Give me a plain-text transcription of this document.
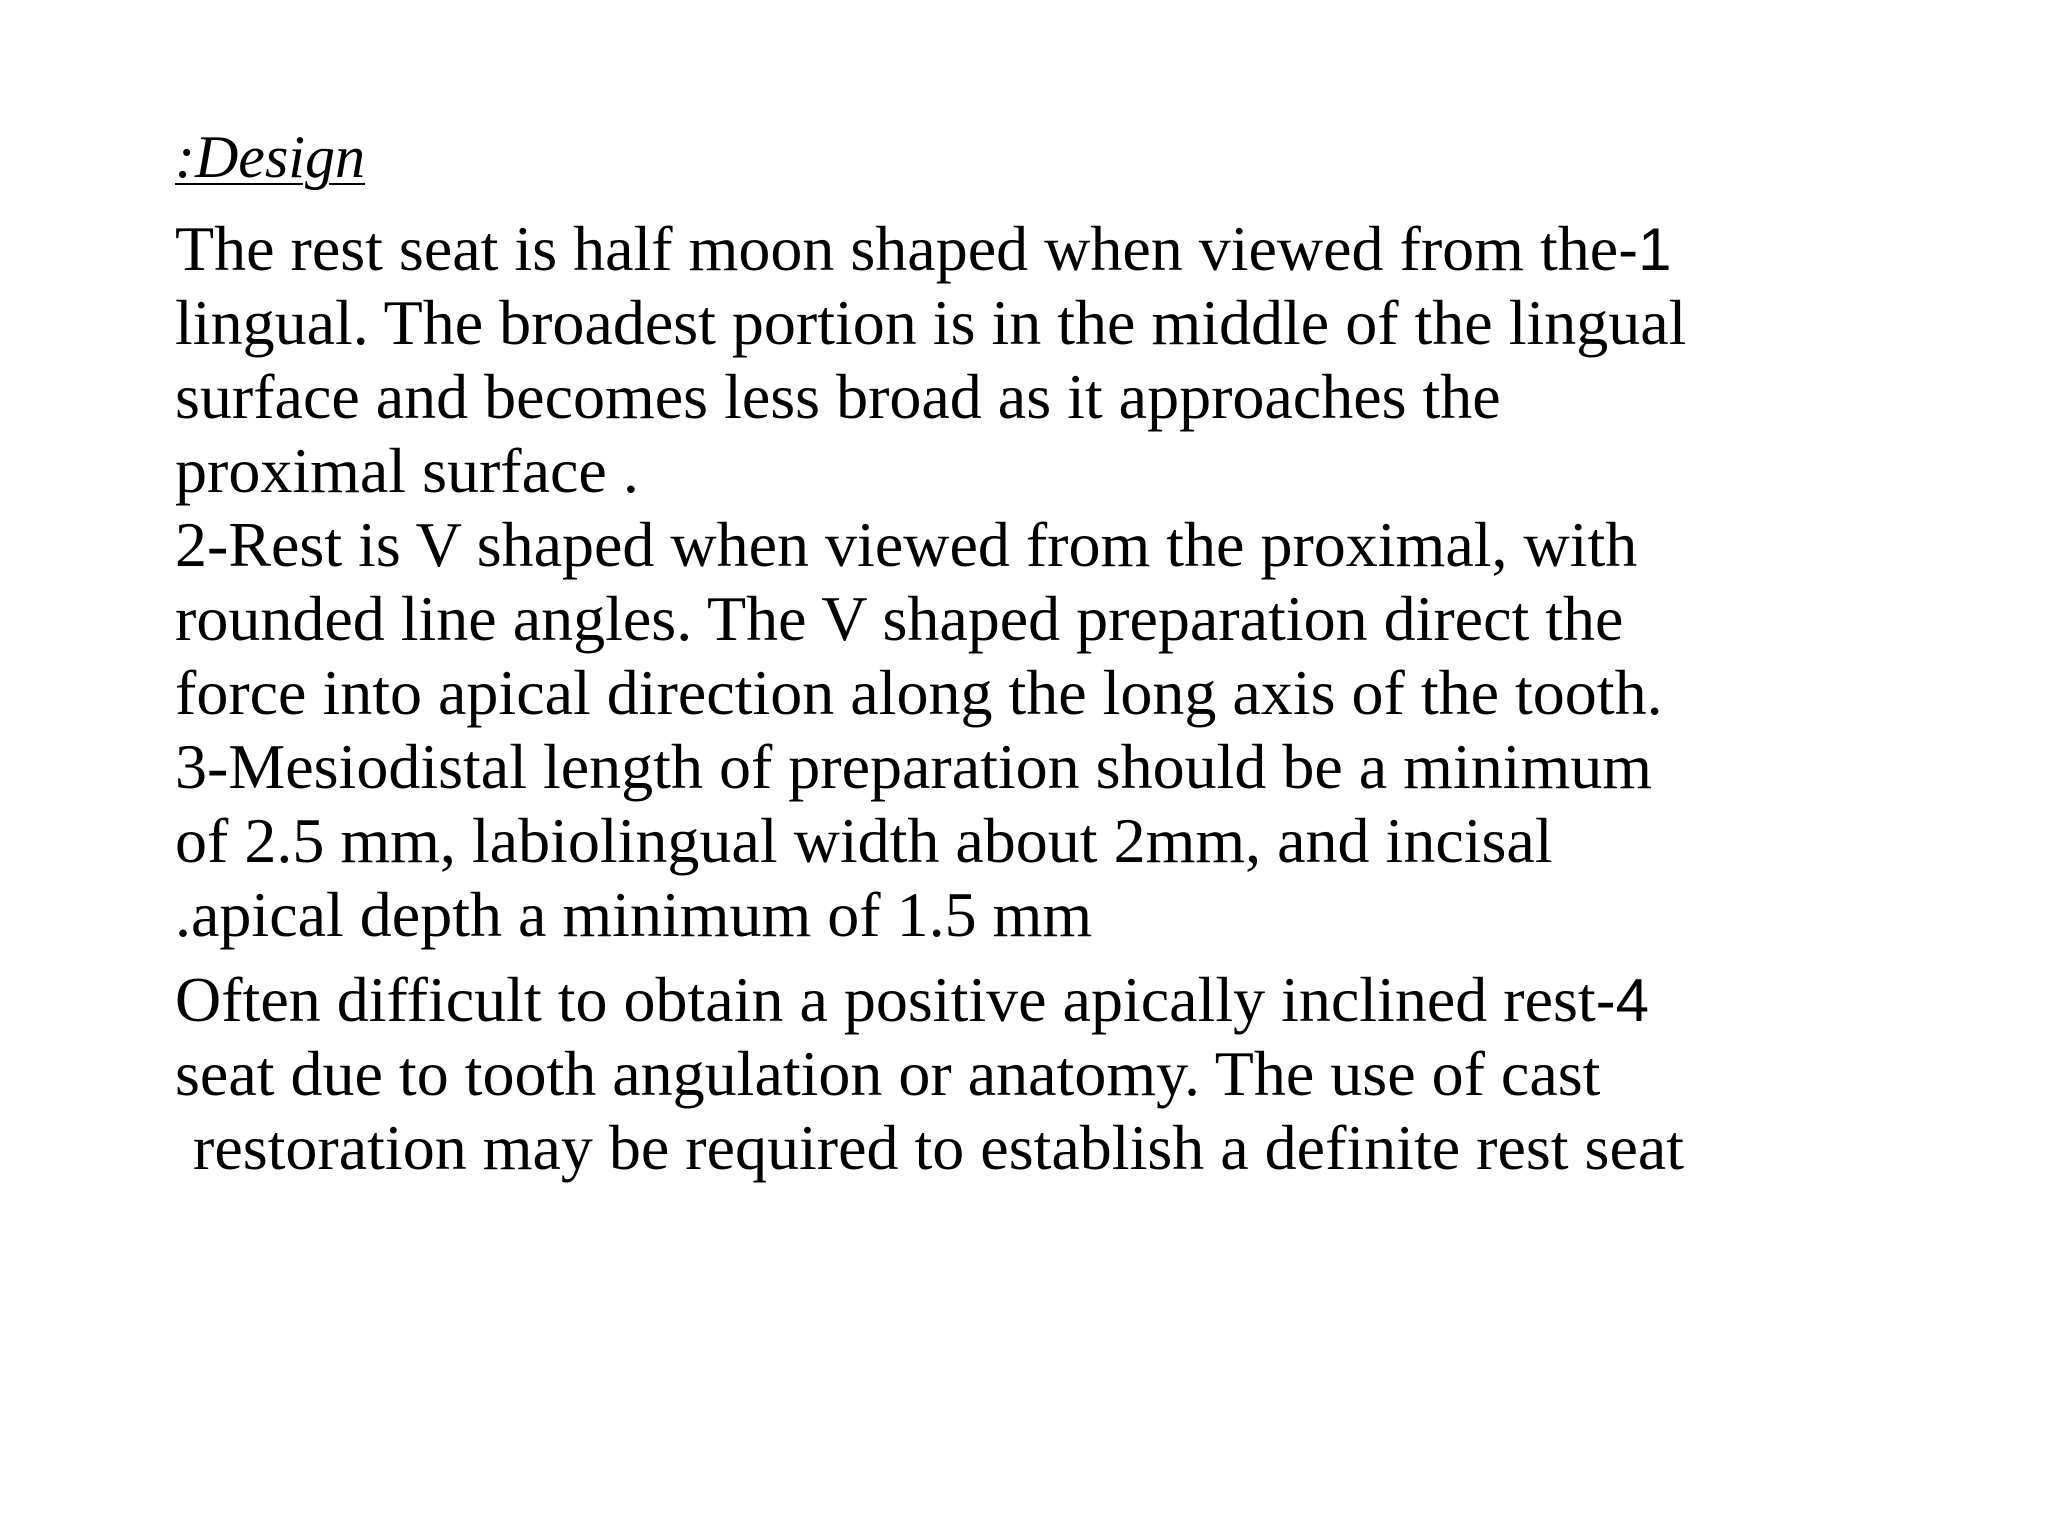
:Design
The rest seat is half moon shaped when viewed from the-1
lingual. The broadest portion is in the middle of the lingual
surface and becomes less broad as it approaches the
proximal surface .
2-Rest is V shaped when viewed from the proximal, with
rounded line angles. The V shaped preparation direct the
force into apical direction along the long axis of the tooth.
3-Mesiodistal length of preparation should be a minimum
of 2.5 mm, labiolingual width about 2mm, and incisal
.apical depth a minimum of 1.5 mm
Often difficult to obtain a positive apically inclined rest-4
seat due to tooth angulation or anatomy. The use of cast
restoration may be required to establish a definite rest seat
